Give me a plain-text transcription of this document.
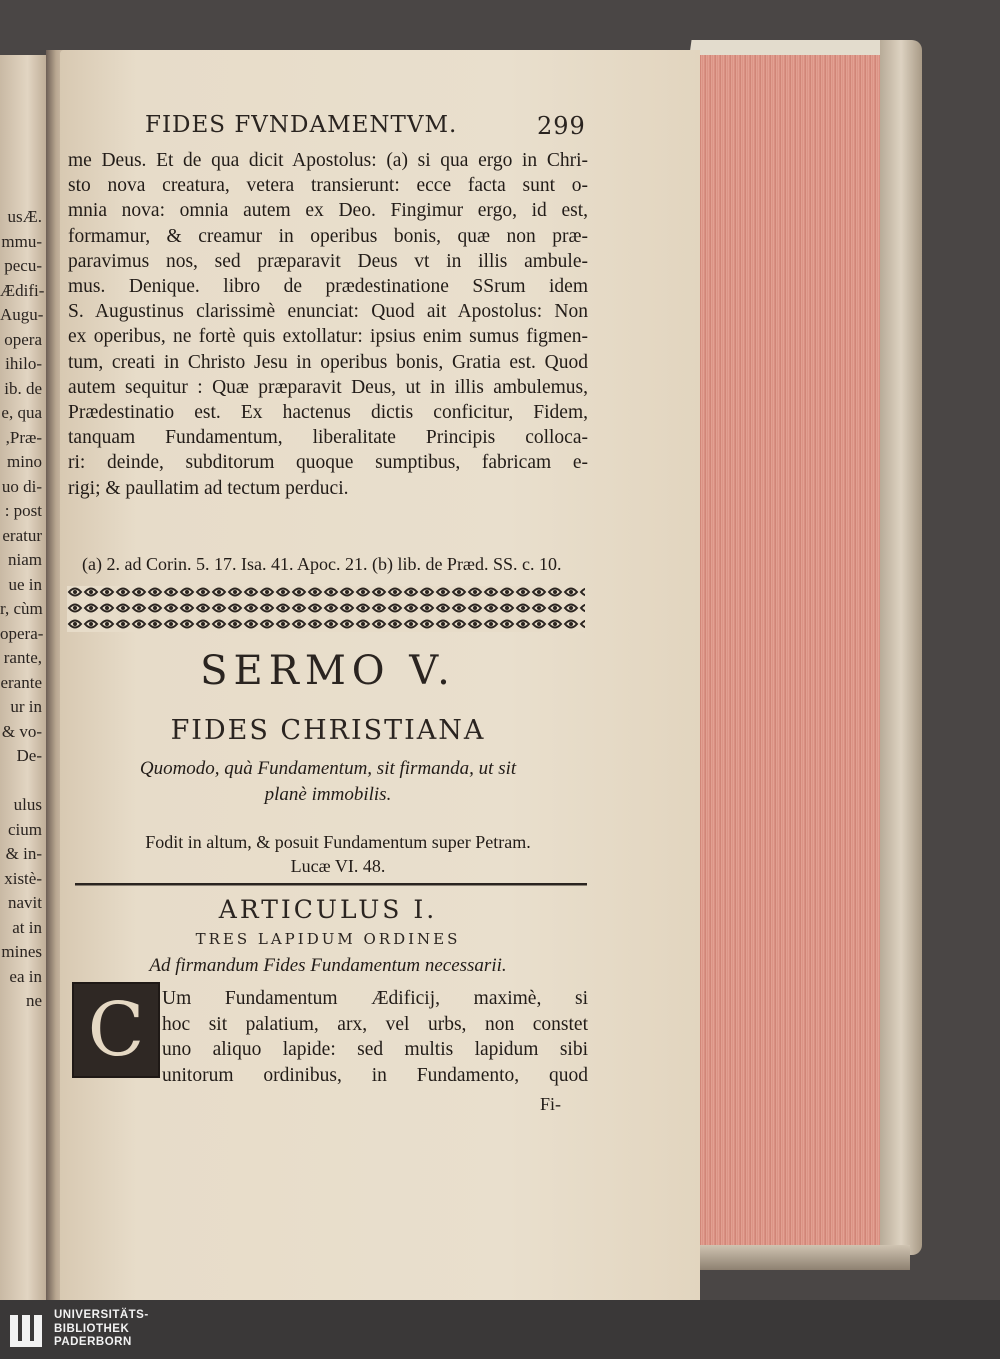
usÆ.
mmu-
pecu-
Ædifi-
Augu-
opera
ihilo-
ib. de
e, qua
,Præ-
mino
uo di-
: post
eratur
niam
ue in
r, cùm
opera-
rante,
erante
ur in
& vo-
De-
ulus
cium
& in-
xistè-
navit
at in
mines
ea in
ne
FIDES FVNDAMENTVM.	299
me Deus. Et de qua dicit Apostolus: (a) si qua ergo in Chri-
sto nova creatura, vetera transierunt: ecce facta sunt o-
mnia nova: omnia autem ex Deo. Fingimur ergo, id est,
formamur, & creamur in operibus bonis, quæ non præ-
paravimus nos, sed præparavit Deus vt in illis ambule-
mus. Denique. libro de prædestinatione SSrum idem
S. Augustinus clarissimè enunciat: Quod ait Apostolus: Non
ex operibus, ne fortè quis extollatur: ipsius enim sumus figmen-
tum, creati in Christo Jesu in operibus bonis, Gratia est. Quod
autem sequitur : Quæ præparavit Deus, ut in illis ambulemus,
Prædestinatio est. Ex hactenus dictis conficitur, Fidem,
tanquam Fundamentum, liberalitate Principis colloca-
ri: deinde, subditorum quoque sumptibus, fabricam e-
rigi; & paullatim ad tectum perduci.
(a) 2. ad Corin. 5. 17. Isa. 41. Apoc. 21. (b) lib. de Præd. SS. c. 10.
SERMO V.
FIDES CHRISTIANA
Quomodo, quà Fundamentum, sit firmanda, ut sit
planè immobilis.
Fodit in altum, & posuit Fundamentum super Petram.
Lucæ VI. 48.
ARTICULUS I.
TRES LAPIDUM ORDINES
Ad firmandum Fides Fundamentum necessarii.
C Um Fundamentum Ædificij, maximè, si
hoc sit palatium, arx, vel urbs, non constet
uno aliquo lapide: sed multis lapidum sibi
unitorum ordinibus, in Fundamento, quod
Fi-
UNIVERSITÄTS-
BIBLIOTHEK
PADERBORN
